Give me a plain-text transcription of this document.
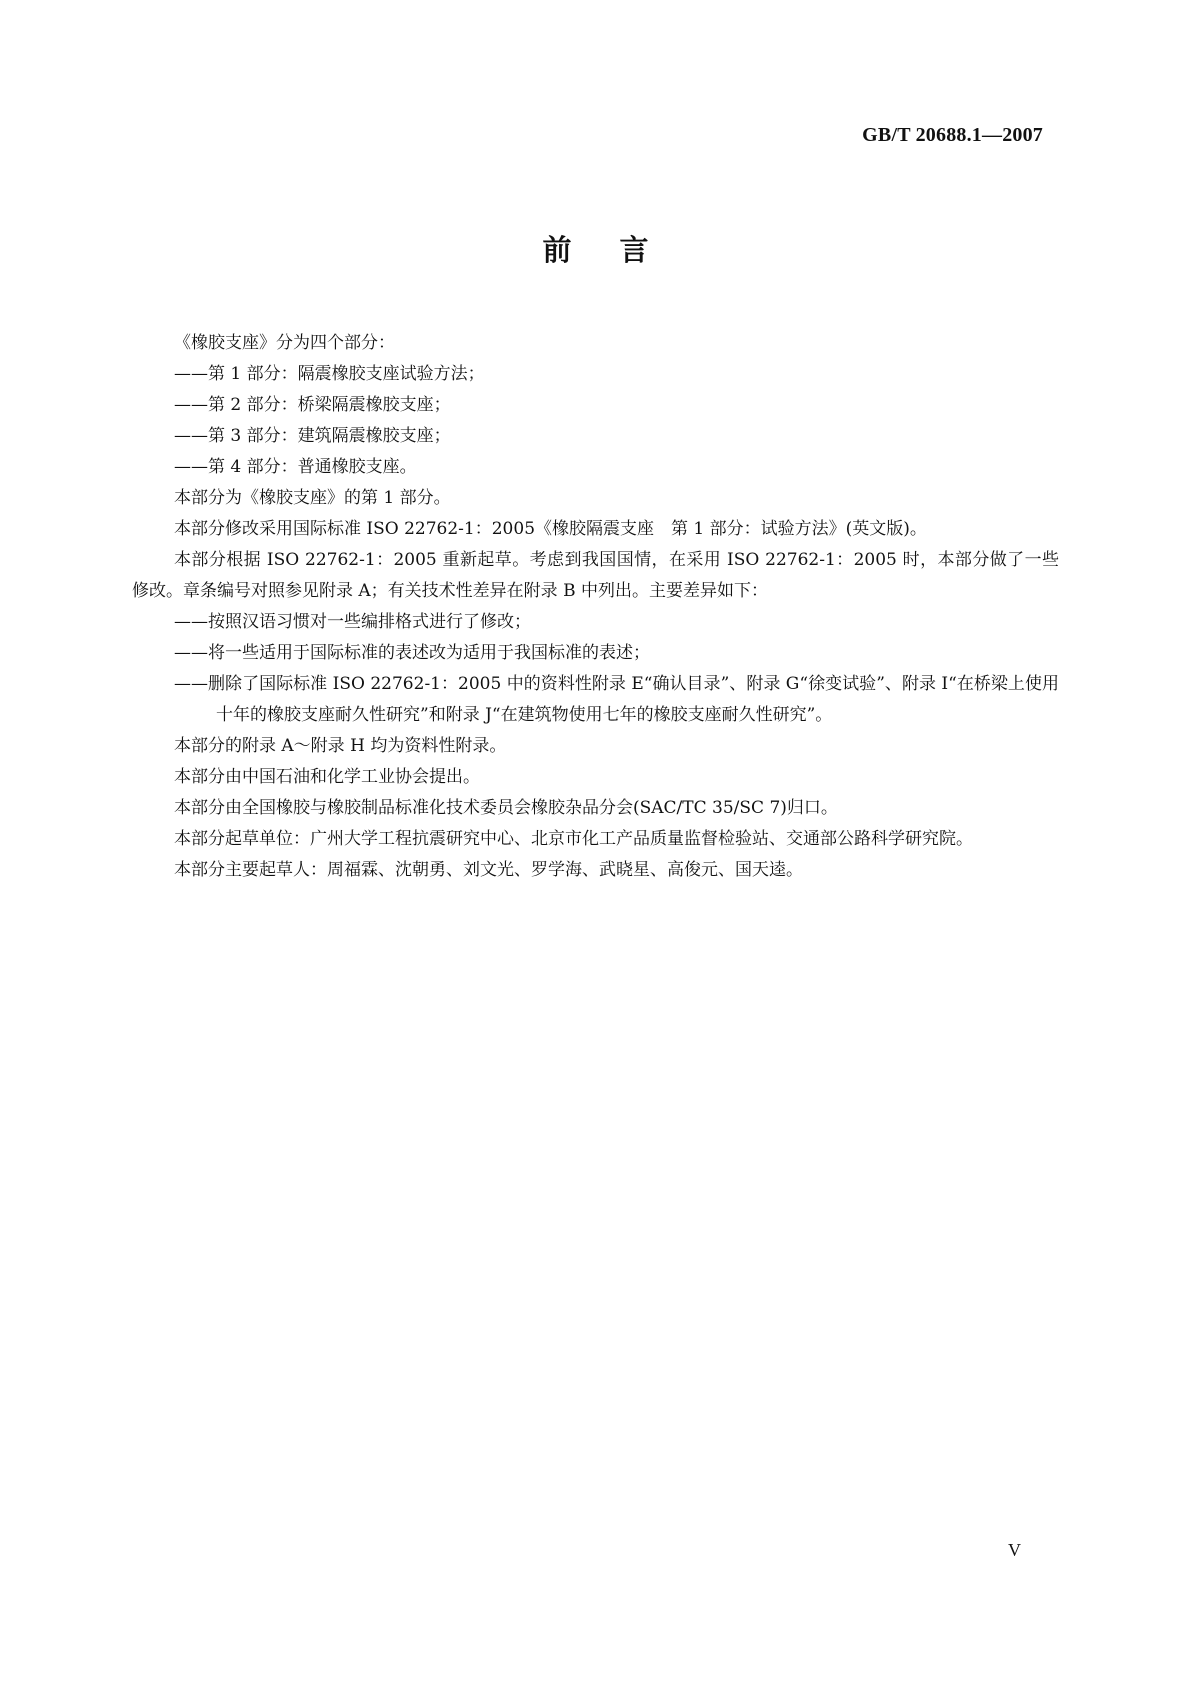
GB/T 20688.1—2007

前言

《橡胶支座》分为四个部分：

——第 1 部分：隔震橡胶支座试验方法；

——第 2 部分：桥梁隔震橡胶支座；

——第 3 部分：建筑隔震橡胶支座；

——第 4 部分：普通橡胶支座。

本部分为《橡胶支座》的第 1 部分。

本部分修改采用国际标准 ISO 22762-1：2005《橡胶隔震支座　第 1 部分：试验方法》(英文版)。

本部分根据 ISO 22762-1：2005 重新起草。考虑到我国国情，在采用 ISO 22762-1：2005 时，本部分做了一些修改。章条编号对照参见附录 A；有关技术性差异在附录 B 中列出。主要差异如下：

——按照汉语习惯对一些编排格式进行了修改；

——将一些适用于国际标准的表述改为适用于我国标准的表述；

——删除了国际标准 ISO 22762-1：2005 中的资料性附录 E“确认目录”、附录 G“徐变试验”、附录 I“在桥梁上使用十年的橡胶支座耐久性研究”和附录 J“在建筑物使用七年的橡胶支座耐久性研究”。

本部分的附录 A～附录 H 均为资料性附录。

本部分由中国石油和化学工业协会提出。

本部分由全国橡胶与橡胶制品标准化技术委员会橡胶杂品分会(SAC/TC 35/SC 7)归口。

本部分起草单位：广州大学工程抗震研究中心、北京市化工产品质量监督检验站、交通部公路科学研究院。

本部分主要起草人：周福霖、沈朝勇、刘文光、罗学海、武晓星、高俊元、国天逵。

V
